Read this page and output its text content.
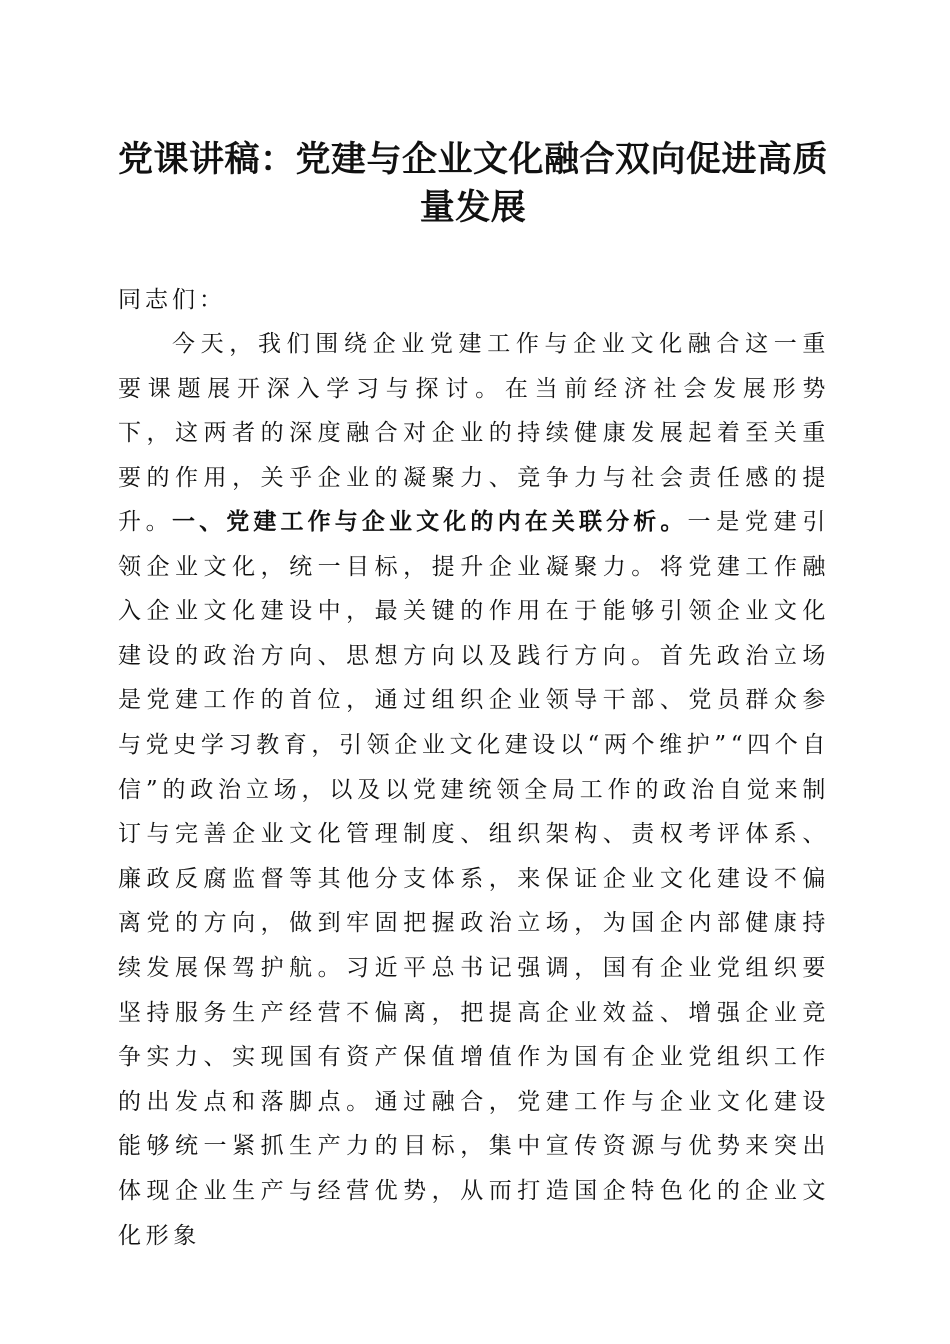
党课讲稿：党建与企业文化融合双向促进高质量发展

同志们：

今天，我们围绕企业党建工作与企业文化融合这一重要课题展开深入学习与探讨。在当前经济社会发展形势下，这两者的深度融合对企业的持续健康发展起着至关重要的作用，关乎企业的凝聚力、竞争力与社会责任感的提升。

一、党建工作与企业文化的内在关联分析。一是党建引领企业文化，统一目标，提升企业凝聚力。将党建工作融入企业文化建设中，最关键的作用在于能够引领企业文化建设的政治方向、思想方向以及践行方向。首先政治立场是党建工作的首位，通过组织企业领导干部、党员群众参与党史学习教育，引领企业文化建设以“两个维护”“四个自信”的政治立场，以及以党建统领全局工作的政治自觉来制订与完善企业文化管理制度、组织架构、责权考评体系、廉政反腐监督等其他分支体系，来保证企业文化建设不偏离党的方向，做到牢固把握政治立场，为国企内部健康持续发展保驾护航。习近平总书记强调，国有企业党组织要坚持服务生产经营不偏离，把提高企业效益、增强企业竞争实力、实现国有资产保值增值作为国有企业党组织工作的出发点和落脚点。通过融合，党建工作与企业文化建设能够统一紧抓生产力的目标，集中宣传资源与优势来突出体现企业生产与经营优势，从而打造国企特色化的企业文化形象
